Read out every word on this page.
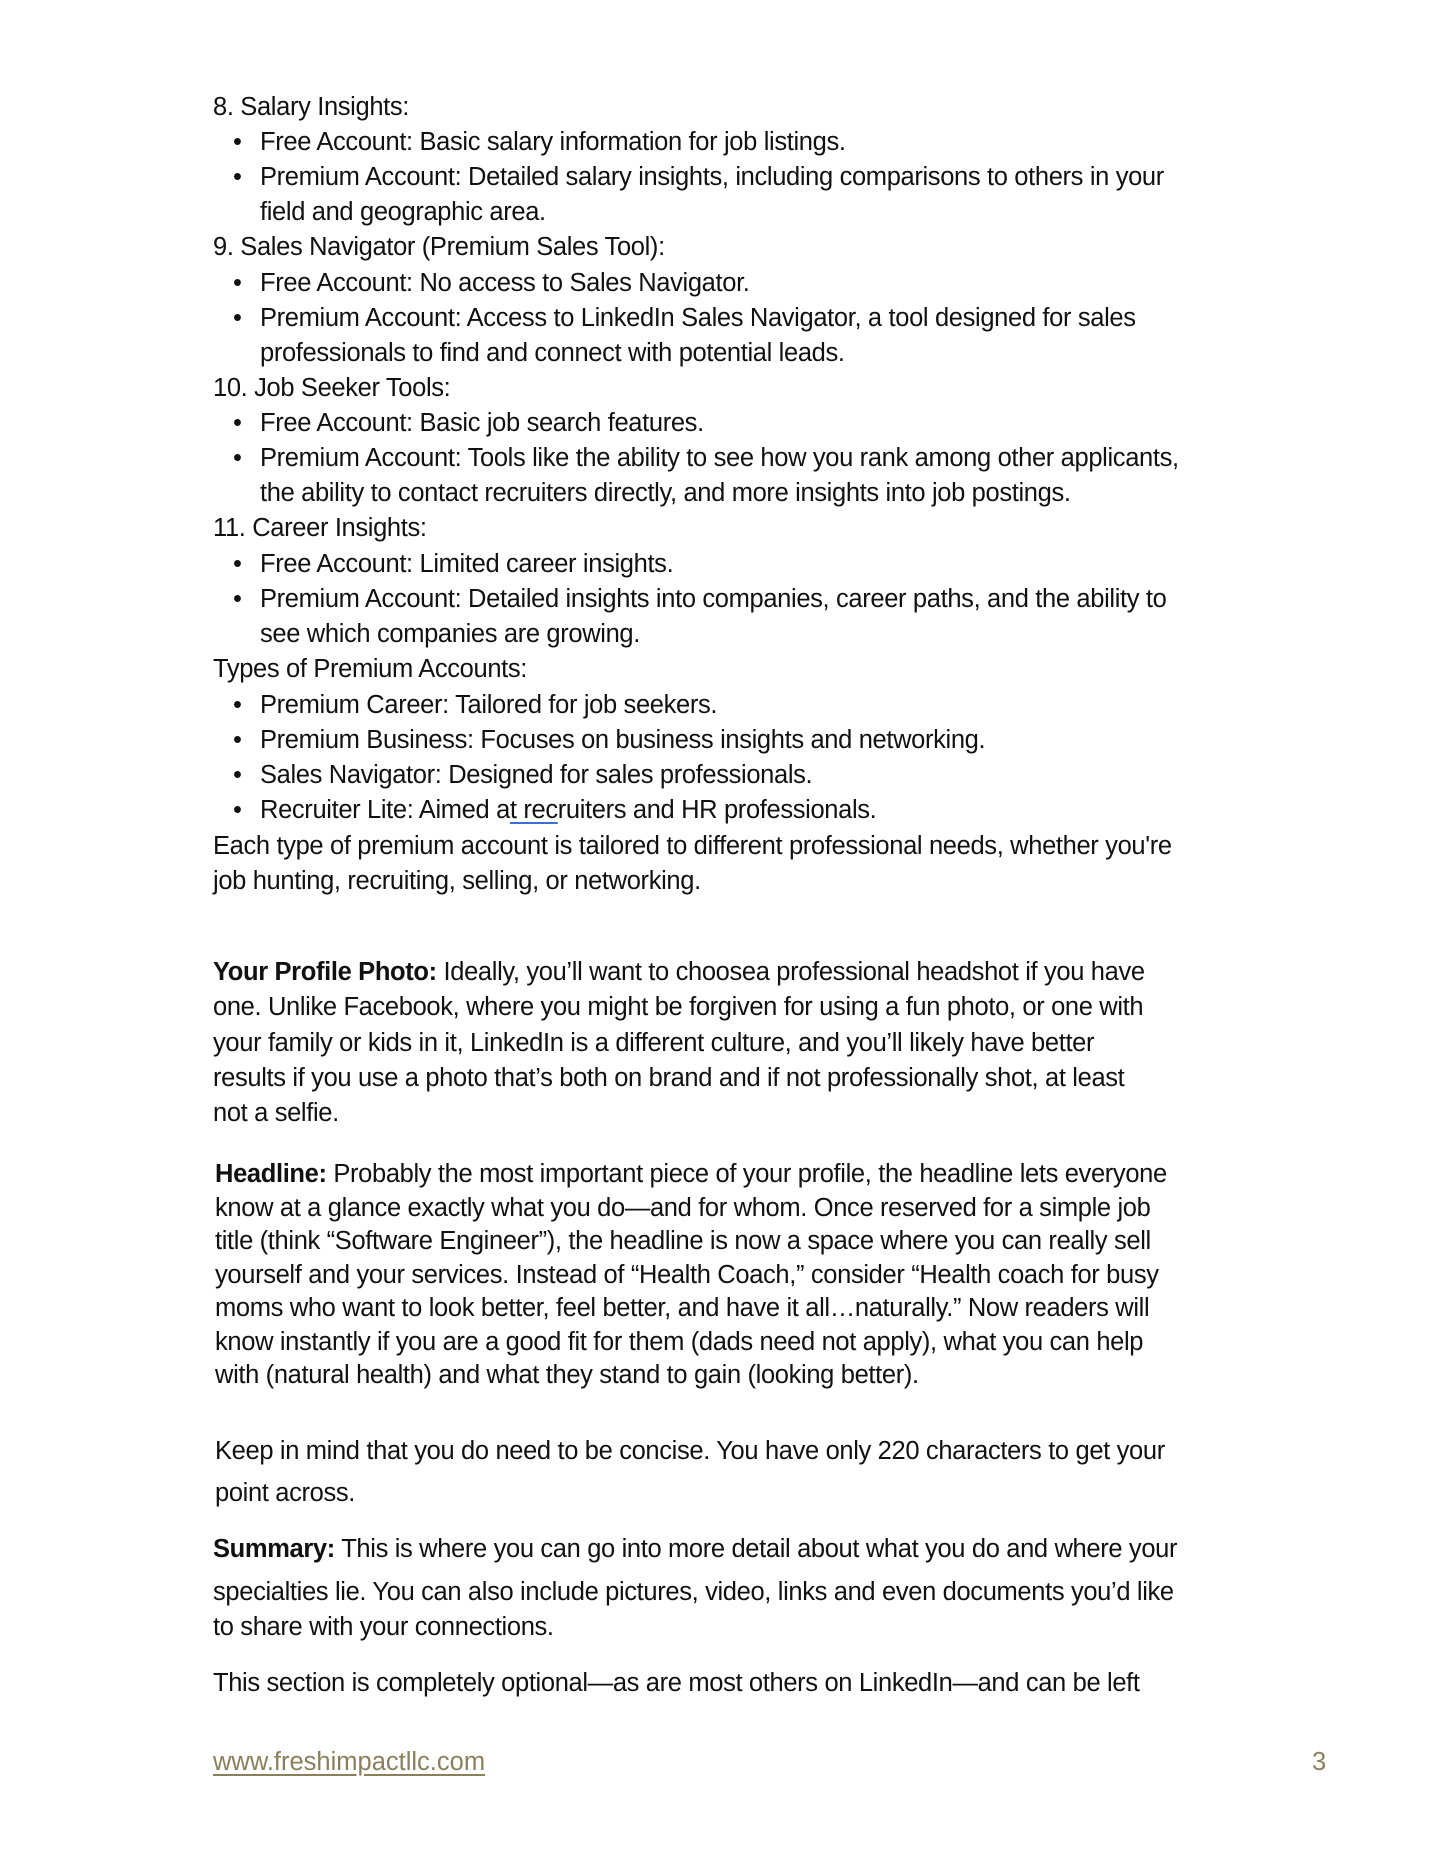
8. Salary Insights:
• Free Account: Basic salary information for job listings.
• Premium Account: Detailed salary insights, including comparisons to others in your
field and geographic area.
9. Sales Navigator (Premium Sales Tool):
• Free Account: No access to Sales Navigator.
• Premium Account: Access to LinkedIn Sales Navigator, a tool designed for sales
professionals to find and connect with potential leads.
10. Job Seeker Tools:
• Free Account: Basic job search features.
• Premium Account: Tools like the ability to see how you rank among other applicants,
the ability to contact recruiters directly, and more insights into job postings.
11. Career Insights:
• Free Account: Limited career insights.
• Premium Account: Detailed insights into companies, career paths, and the ability to
see which companies are growing.
Types of Premium Accounts:
• Premium Career: Tailored for job seekers.
• Premium Business: Focuses on business insights and networking.
• Sales Navigator: Designed for sales professionals.
• Recruiter Lite: Aimed at recruiters and HR professionals.
Each type of premium account is tailored to different professional needs, whether you're
job hunting, recruiting, selling, or networking.
Your Profile Photo: Ideally, you’ll want to choosea professional headshot if you have
one. Unlike Facebook, where you might be forgiven for using a fun photo, or one with
your family or kids in it, LinkedIn is a different culture, and you’ll likely have better
results if you use a photo that’s both on brand and if not professionally shot, at least
not a selfie.
Headline: Probably the most important piece of your profile, the headline lets everyone
know at a glance exactly what you do—and for whom. Once reserved for a simple job
title (think “Software Engineer”), the headline is now a space where you can really sell
yourself and your services. Instead of “Health Coach,” consider “Health coach for busy
moms who want to look better, feel better, and have it all…naturally.” Now readers will
know instantly if you are a good fit for them (dads need not apply), what you can help
with (natural health) and what they stand to gain (looking better).
Keep in mind that you do need to be concise. You have only 220 characters to get your
point across.
Summary: This is where you can go into more detail about what you do and where your
specialties lie. You can also include pictures, video, links and even documents you’d like
to share with your connections.
This section is completely optional—as are most others on LinkedIn—and can be left
www.freshimpactllc.com	3
